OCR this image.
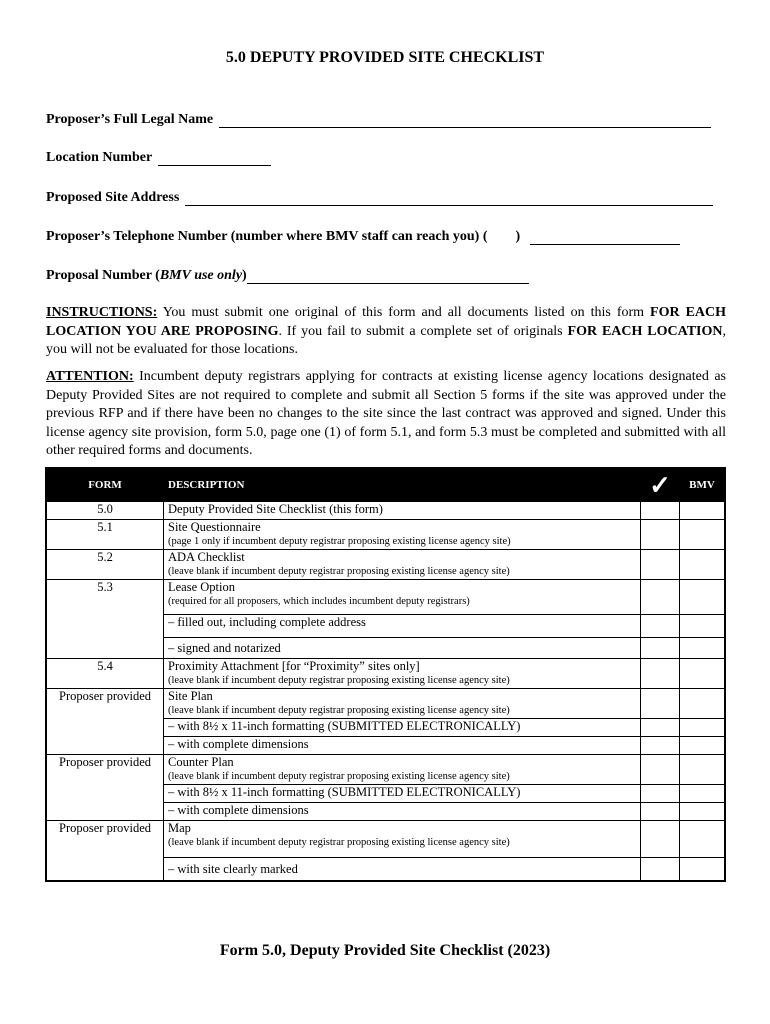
5.0 DEPUTY PROVIDED SITE CHECKLIST
Proposer’s Full Legal Name
Location Number
Proposed Site Address
Proposer’s Telephone Number (number where BMV staff can reach you) (        )
Proposal Number ( BMV use only )
INSTRUCTIONS: You must submit one original of this form and all documents listed on this form FOR EACH LOCATION YOU ARE PROPOSING. If you fail to submit a complete set of originals FOR EACH LOCATION, you will not be evaluated for those locations.
ATTENTION: Incumbent deputy registrars applying for contracts at existing license agency locations designated as Deputy Provided Sites are not required to complete and submit all Section 5 forms if the site was approved under the previous RFP and if there have been no changes to the site since the last contract was approved and signed. Under this license agency site provision, form 5.0, page one (1) of form 5.1, and form 5.3 must be completed and submitted with all other required forms and documents.
FORM	DESCRIPTION	✓	BMV
5.0	Deputy Provided Site Checklist (this form)		
5.1	Site Questionnaire
(page 1 only if incumbent deputy registrar proposing existing license agency site)		

5.2	ADA Checklist
(leave blank if incumbent deputy registrar proposing existing license agency site)		

5.3	Lease Option
(required for all proposers, which includes incumbent deputy registrars)		

	– filled out, including complete address		
	– signed and notarized		
5.4	Proximity Attachment [for “Proximity” sites only]
(leave blank if incumbent deputy registrar proposing existing license agency site)		

Proposer provided	Site Plan
(leave blank if incumbent deputy registrar proposing existing license agency site)		

	– with 8½ x 11-inch formatting (SUBMITTED ELECTRONICALLY)		
	– with complete dimensions		
Proposer provided	Counter Plan
(leave blank if incumbent deputy registrar proposing existing license agency site)		

	– with 8½ x 11-inch formatting (SUBMITTED ELECTRONICALLY)		
	– with complete dimensions		
Proposer provided	Map
(leave blank if incumbent deputy registrar proposing existing license agency site)		

	– with site clearly marked		
Form 5.0, Deputy Provided Site Checklist (2023)
